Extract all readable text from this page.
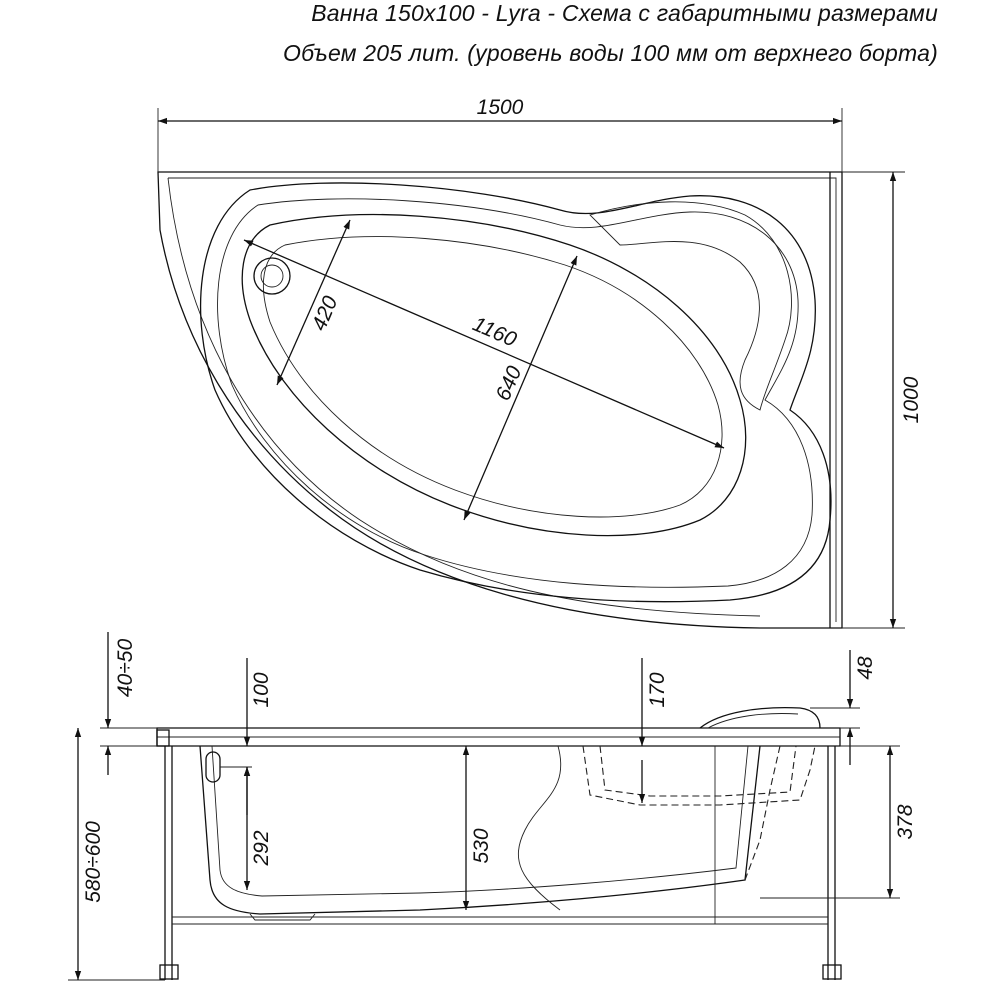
Ванна 150х100 - Lyra - Схема с габаритными размерами
Объем 205 лит. (уровень воды 100 мм от верхнего борта)
1500
1000
1160
640
420
40÷50
580÷600
100
292	530
170
48
378
